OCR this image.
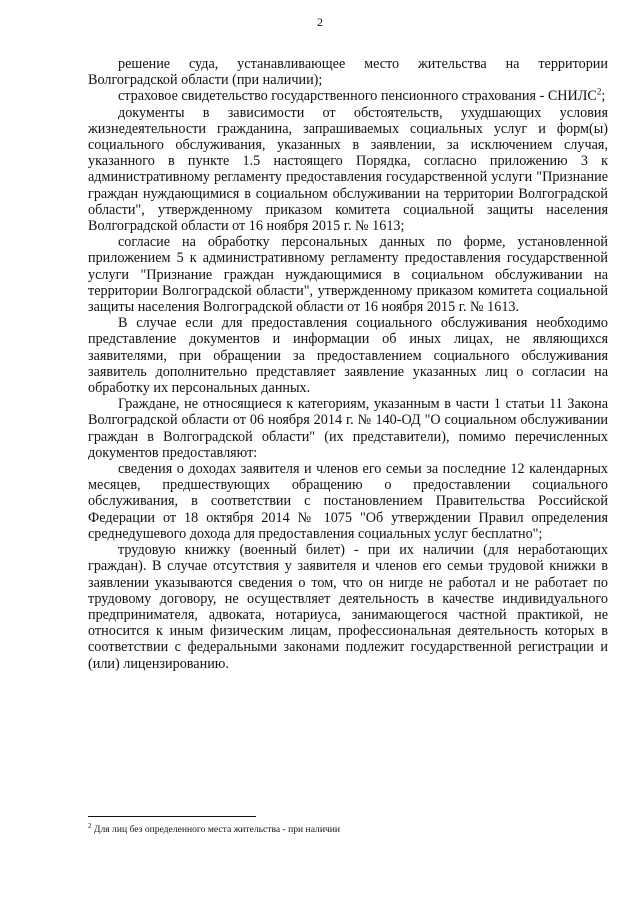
2

решение суда, устанавливающее место жительства на территории Волгоградской области (при наличии);

страховое свидетельство государственного пенсионного страхования - СНИЛС$^2$;

документы в зависимости от обстоятельств, ухудшающих условия жизнедеятельности гражданина, запрашиваемых социальных услуг и форм(ы) социального обслуживания, указанных в заявлении, за исключением случая, указанного в пункте 1.5 настоящего Порядка, согласно приложению 3 к административному регламенту предоставления государственной услуги "Признание граждан нуждающимися в социальном обслуживании на территории Волгоградской области", утвержденному приказом комитета социальной защиты населения Волгоградской области от 16 ноября 2015 г. № 1613;

согласие на обработку персональных данных по форме, установленной приложением 5 к административному регламенту предоставления государственной услуги "Признание граждан нуждающимися в социальном обслуживании на территории Волгоградской области", утвержденному приказом комитета социальной защиты населения Волгоградской области от 16 ноября 2015 г. № 1613.

В случае если для предоставления социального обслуживания необходимо представление документов и информации об иных лицах, не являющихся заявителями, при обращении за предоставлением социального обслуживания заявитель дополнительно представляет заявление указанных лиц о согласии на обработку их персональных данных.

Граждане, не относящиеся к категориям, указанным в части 1 статьи 11 Закона Волгоградской области от 06 ноября 2014 г. № 140-ОД "О социальном обслуживании граждан в Волгоградской области" (их представители), помимо перечисленных документов предоставляют:

сведения о доходах заявителя и членов его семьи за последние 12 календарных месяцев, предшествующих обращению о предоставлении социального обслуживания, в соответствии с постановлением Правительства Российской Федерации от 18 октября 2014 № 1075 "Об утверждении Правил определения среднедушевого дохода для предоставления социальных услуг бесплатно";

трудовую книжку (военный билет) - при их наличии (для неработающих граждан). В случае отсутствия у заявителя и членов его семьи трудовой книжки в заявлении указываются сведения о том, что он нигде не работал и не работает по трудовому договору, не осуществляет деятельность в качестве индивидуального предпринимателя, адвоката, нотариуса, занимающегося частной практикой, не относится к иным физическим лицам, профессиональная деятельность которых в соответствии с федеральными законами подлежит государственной регистрации и (или) лицензированию.

$^2$ Для лиц без определенного места жительства - при наличии
